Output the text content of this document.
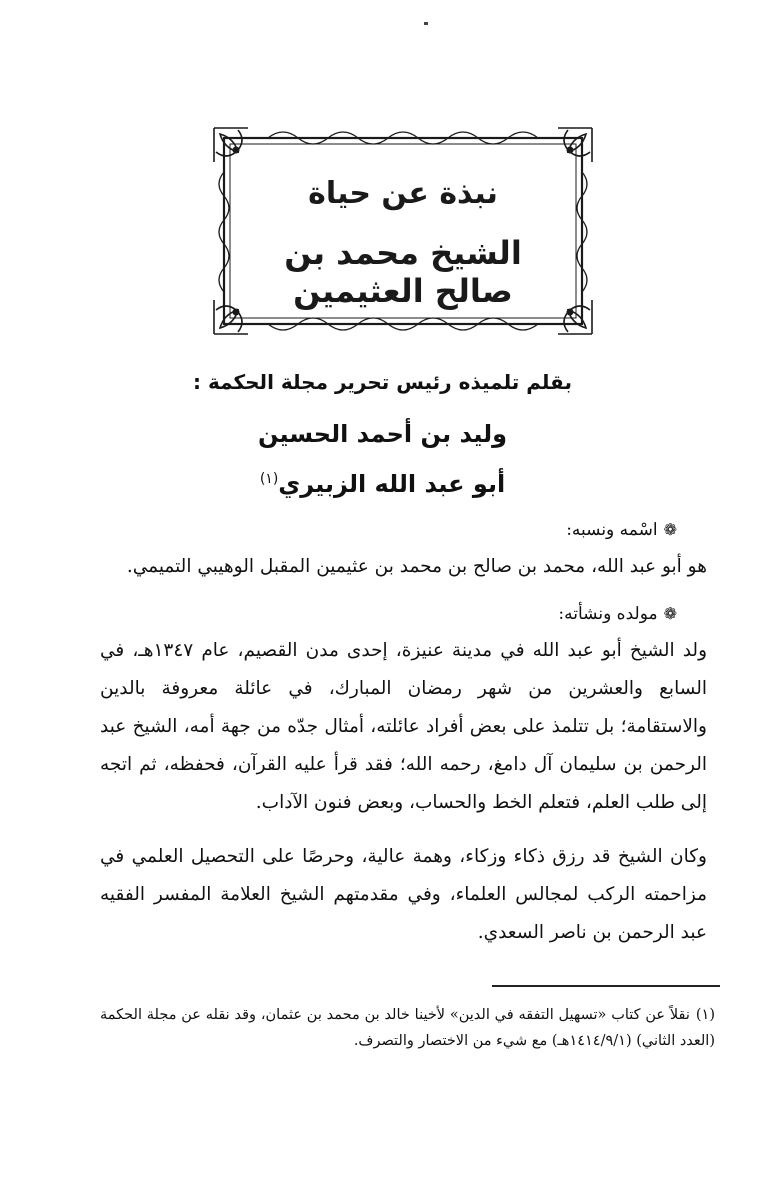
نبذة عن حياة
الشيخ محمد بن صالح العثيمين

بقلم تلميذه رئيس تحرير مجلة الحكمة :

وليد بن أحمد الحسين

أبو عبد الله الزبيري$^{(١)}$

❁اسْمه ونسبه:

هو أبو عبد الله، محمد بن صالح بن محمد بن عثيمين المقبل الوهيبي التميمي.

❁مولده ونشأته:

ولد الشيخ أبو عبد الله في مدينة عنيزة، إحدى مدن القصيم، عام ١٣٤٧هـ، في السابع والعشرين من شهر رمضان المبارك، في عائلة معروفة بالدين والاستقامة؛ بل تتلمذ على بعض أفراد عائلته، أمثال جدّه من جهة أمه، الشيخ عبد الرحمن بن سليمان آل دامغ، رحمه الله؛ فقد قرأ عليه القرآن، فحفظه، ثم اتجه إلى طلب العلم، فتعلم الخط والحساب، وبعض فنون الآداب.

وكان الشيخ قد رزق ذكاء وزكاء، وهمة عالية، وحرصًا على التحصيل العلمي في مزاحمته الركب لمجالس العلماء، وفي مقدمتهم الشيخ العلامة المفسر الفقيه عبد الرحمن بن ناصر السعدي.

(١)نقلاً عن كتاب «تسهيل التفقه في الدين» لأخينا خالد بن محمد بن عثمان، وقد نقله عن مجلة الحكمة (العدد الثاني) (١٤١٤/٩/١هـ) مع شيء من الاختصار والتصرف.
